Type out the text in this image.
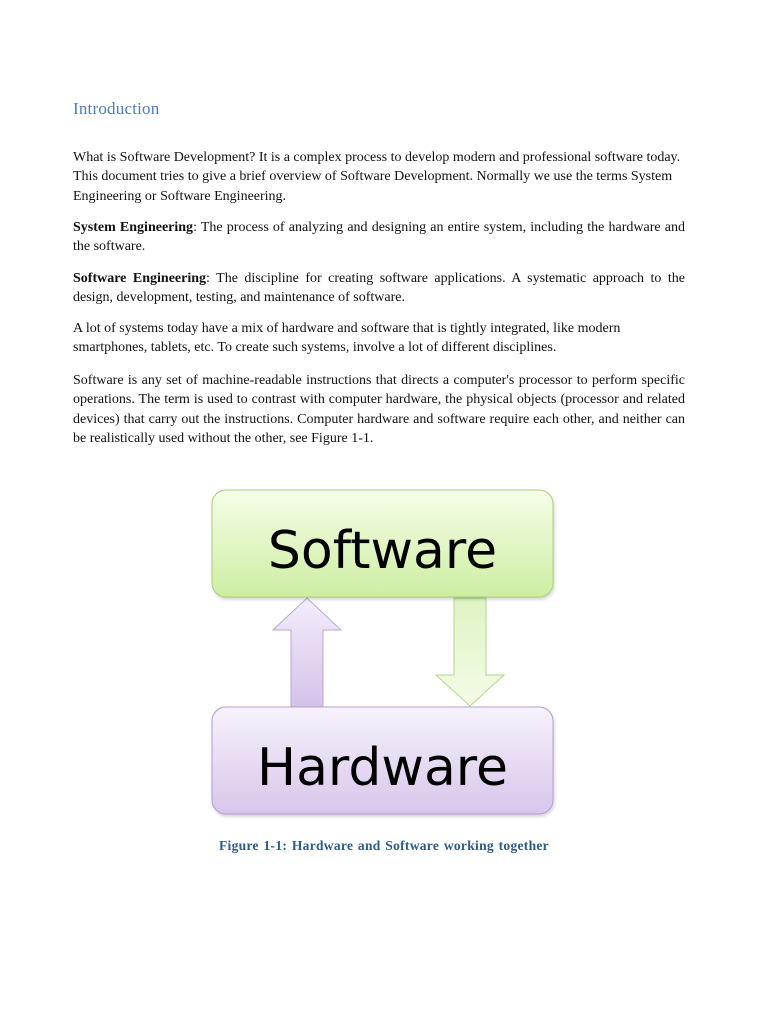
Introduction

What is Software Development? It is a complex process to develop modern and professional software today. This document tries to give a brief overview of Software Development. Normally we use the terms System Engineering or Software Engineering.

System Engineering: The process of analyzing and designing an entire system, including the hardware and the software.

Software Engineering: The discipline for creating software applications. A systematic approach to the design, development, testing, and maintenance of software.

A lot of systems today have a mix of hardware and software that is tightly integrated, like modern smartphones, tablets, etc. To create such systems, involve a lot of different disciplines.

Software is any set of machine-readable instructions that directs a computer's processor to perform specific operations. The term is used to contrast with computer hardware, the physical objects (processor and related devices) that carry out the instructions. Computer hardware and software require each other, and neither can be realistically used without the other, see Figure 1-1.

Software
Hardware

Figure 1-1: Hardware and Software working together
